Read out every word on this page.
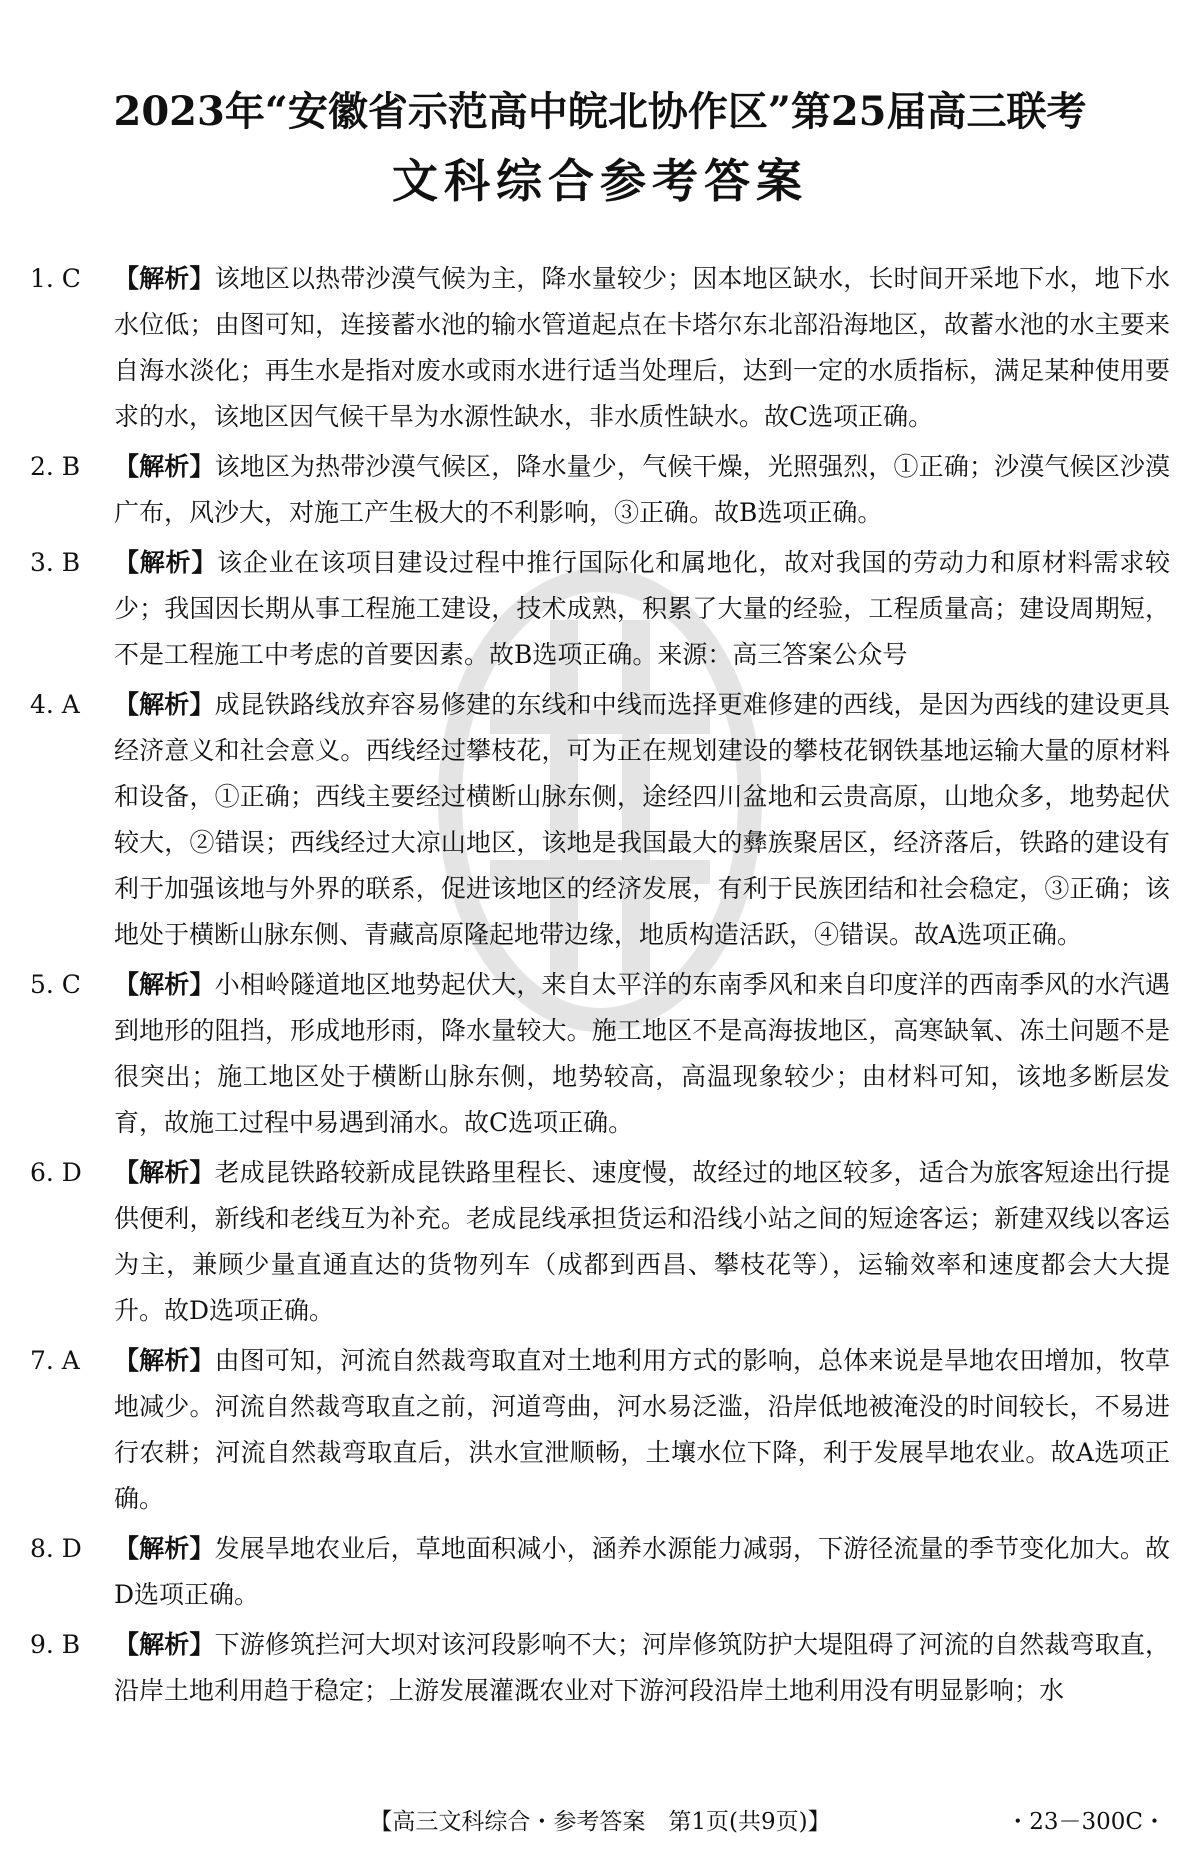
2023年“安徽省示范高中皖北协作区”第25届高三联考
文科综合参考答案
1. C	【解析】该地区以热带沙漠气候为主，降水量较少；因本地区缺水，长时间开采地下水，地下水水位低；由图可知，连接蓄水池的输水管道起点在卡塔尔东北部沿海地区，故蓄水池的水主要来自海水淡化；再生水是指对废水或雨水进行适当处理后，达到一定的水质指标，满足某种使用要求的水，该地区因气候干旱为水源性缺水，非水质性缺水。故C选项正确。
2. B	【解析】该地区为热带沙漠气候区，降水量少，气候干燥，光照强烈，①正确；沙漠气候区沙漠广布，风沙大，对施工产生极大的不利影响，③正确。故B选项正确。
3. B	【解析】该企业在该项目建设过程中推行国际化和属地化，故对我国的劳动力和原材料需求较少；我国因长期从事工程施工建设，技术成熟，积累了大量的经验，工程质量高；建设周期短，不是工程施工中考虑的首要因素。故B选项正确。来源：高三答案公众号
4. A	【解析】成昆铁路线放弃容易修建的东线和中线而选择更难修建的西线，是因为西线的建设更具经济意义和社会意义。西线经过攀枝花，可为正在规划建设的攀枝花钢铁基地运输大量的原材料和设备，①正确；西线主要经过横断山脉东侧，途经四川盆地和云贵高原，山地众多，地势起伏较大，②错误；西线经过大凉山地区，该地是我国最大的彝族聚居区，经济落后，铁路的建设有利于加强该地与外界的联系，促进该地区的经济发展，有利于民族团结和社会稳定，③正确；该地处于横断山脉东侧、青藏高原隆起地带边缘，地质构造活跃，④错误。故A选项正确。
5. C	【解析】小相岭隧道地区地势起伏大，来自太平洋的东南季风和来自印度洋的西南季风的水汽遇到地形的阻挡，形成地形雨，降水量较大。施工地区不是高海拔地区，高寒缺氧、冻土问题不是很突出；施工地区处于横断山脉东侧，地势较高，高温现象较少；由材料可知，该地多断层发育，故施工过程中易遇到涌水。故C选项正确。
6. D	【解析】老成昆铁路较新成昆铁路里程长、速度慢，故经过的地区较多，适合为旅客短途出行提供便利，新线和老线互为补充。老成昆线承担货运和沿线小站之间的短途客运；新建双线以客运为主，兼顾少量直通直达的货物列车（成都到西昌、攀枝花等），运输效率和速度都会大大提升。故D选项正确。
7. A	【解析】由图可知，河流自然裁弯取直对土地利用方式的影响，总体来说是旱地农田增加，牧草地减少。河流自然裁弯取直之前，河道弯曲，河水易泛滥，沿岸低地被淹没的时间较长，不易进行农耕；河流自然裁弯取直后，洪水宣泄顺畅，土壤水位下降，利于发展旱地农业。故A选项正确。
8. D	【解析】发展旱地农业后，草地面积减小，涵养水源能力减弱，下游径流量的季节变化加大。故D选项正确。
9. B	【解析】下游修筑拦河大坝对该河段影响不大；河岸修筑防护大堤阻碍了河流的自然裁弯取直，沿岸土地利用趋于稳定；上游发展灌溉农业对下游河段沿岸土地利用没有明显影响；水
【高三文科综合・参考答案　第1页(共9页)】	・23－300C・
